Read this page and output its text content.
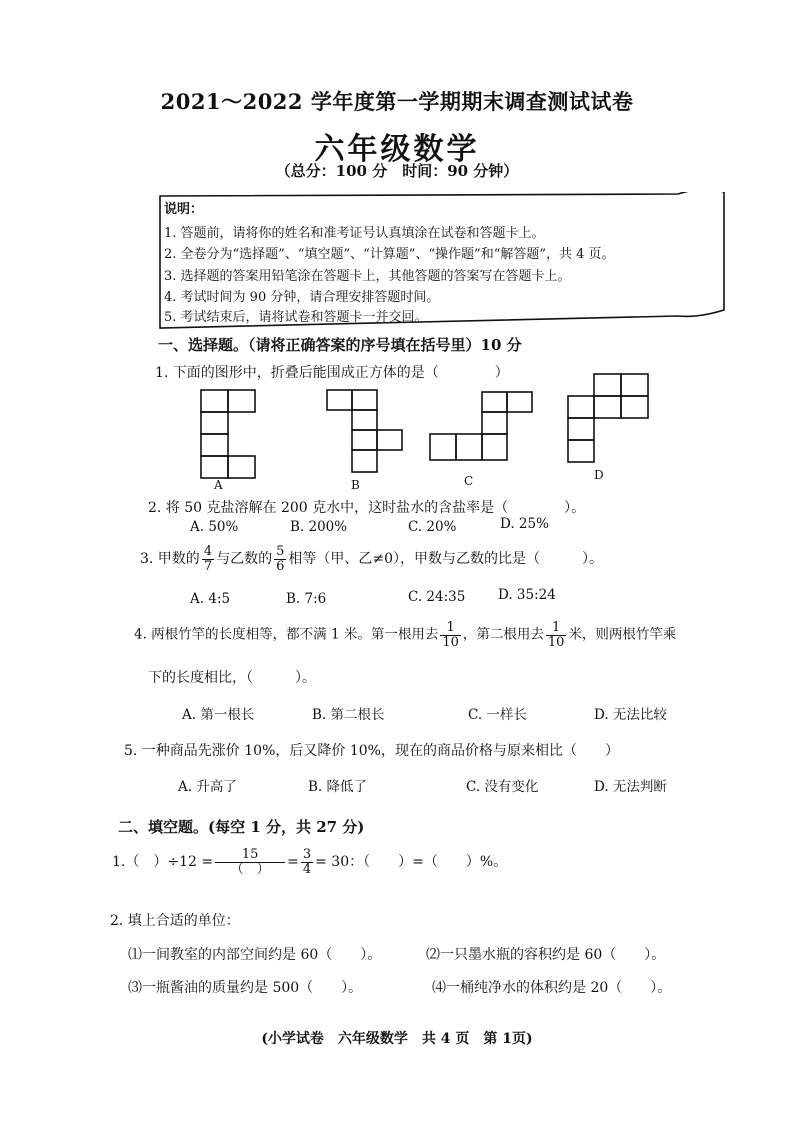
2021～2022 学年度第一学期期末调查测试试卷
六年级数学
（总分：100 分　时间：90 分钟）
说明：
1. 答题前，请将你的姓名和准考证号认真填涂在试卷和答题卡上。
2. 全卷分为“选择题”、“填空题”、“计算题”、“操作题”和“解答题”，共 4 页。
3. 选择题的答案用铅笔涂在答题卡上，其他答题的答案写在答题卡上。
4. 考试时间为 90 分钟，请合理安排答题时间。
5. 考试结束后，请将试卷和答题卡一并交回。
一、选择题。（请将正确答案的序号填在括号里）10 分
1. 下面的图形中，折叠后能围成正方体的是（　　　　）
A	B	C	D
2. 将 50 克盐溶解在 200 克水中，这时盐水的含盐率是（　　　　）。
A. 50%	B. 200%	C. 20%	D. 25%
3. 甲数的 $\frac{4}{7}$ 与乙数的 $\frac{5}{6}$ 相等（甲、乙≠0），甲数与乙数的比是（　　　）。
A. 4:5	B. 7:6	C. 24:35 D. 35:24
4. 两根竹竿的长度相等，都不满 1 米。第一根用去 $\frac{1}{10}$ ，第二根用去 $\frac{1}{10}$ 米，则两根竹竿乘
下的长度相比，（　　　）。
A. 第一根长	B. 第二根长	C. 一样长	D. 无法比较
5. 一种商品先涨价 10%，后又降价 10%，现在的商品价格与原来相比（　　）
A. 升高了	B. 降低了	C. 没有变化	D. 无法判断
二、填空题。(每空 1 分，共 27 分)
1.（　）$\div 12 = \frac{15}{( )} = \frac{3}{4} = 30$：（　　）=（　　）%。
2. 填上合适的单位：
⑴一间教室的内部空间约是 60（　　）。	⑵一只墨水瓶的容积约是 60（　　）。
⑶一瓶酱油的质量约是 500（　　）。	⑷一桶纯净水的体积约是 20（　　）。
(小学试卷　六年级数学　共 4 页　第 1页)
